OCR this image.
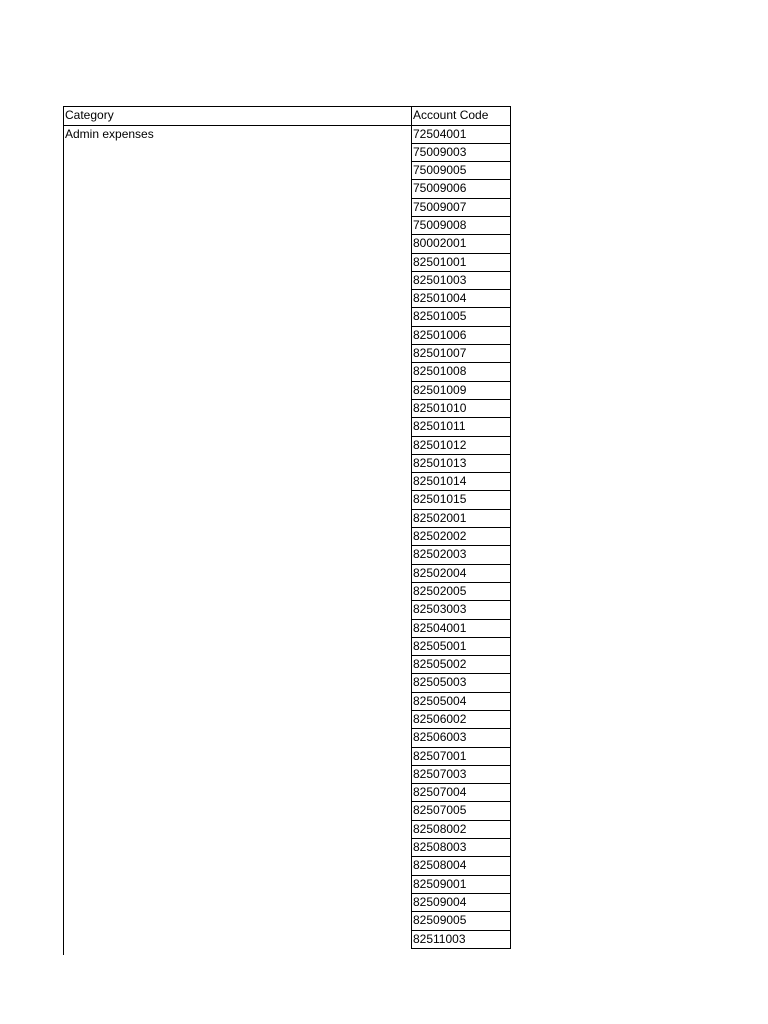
Category	Account Code
Admin expenses	72504001
75009003
75009005
75009006
75009007
75009008
80002001
82501001
82501003
82501004
82501005
82501006
82501007
82501008
82501009
82501010
82501011
82501012
82501013
82501014
82501015
82502001
82502002
82502003
82502004
82502005
82503003
82504001
82505001
82505002
82505003
82505004
82506002
82506003
82507001
82507003
82507004
82507005
82508002
82508003
82508004
82509001
82509004
82509005
82511003
